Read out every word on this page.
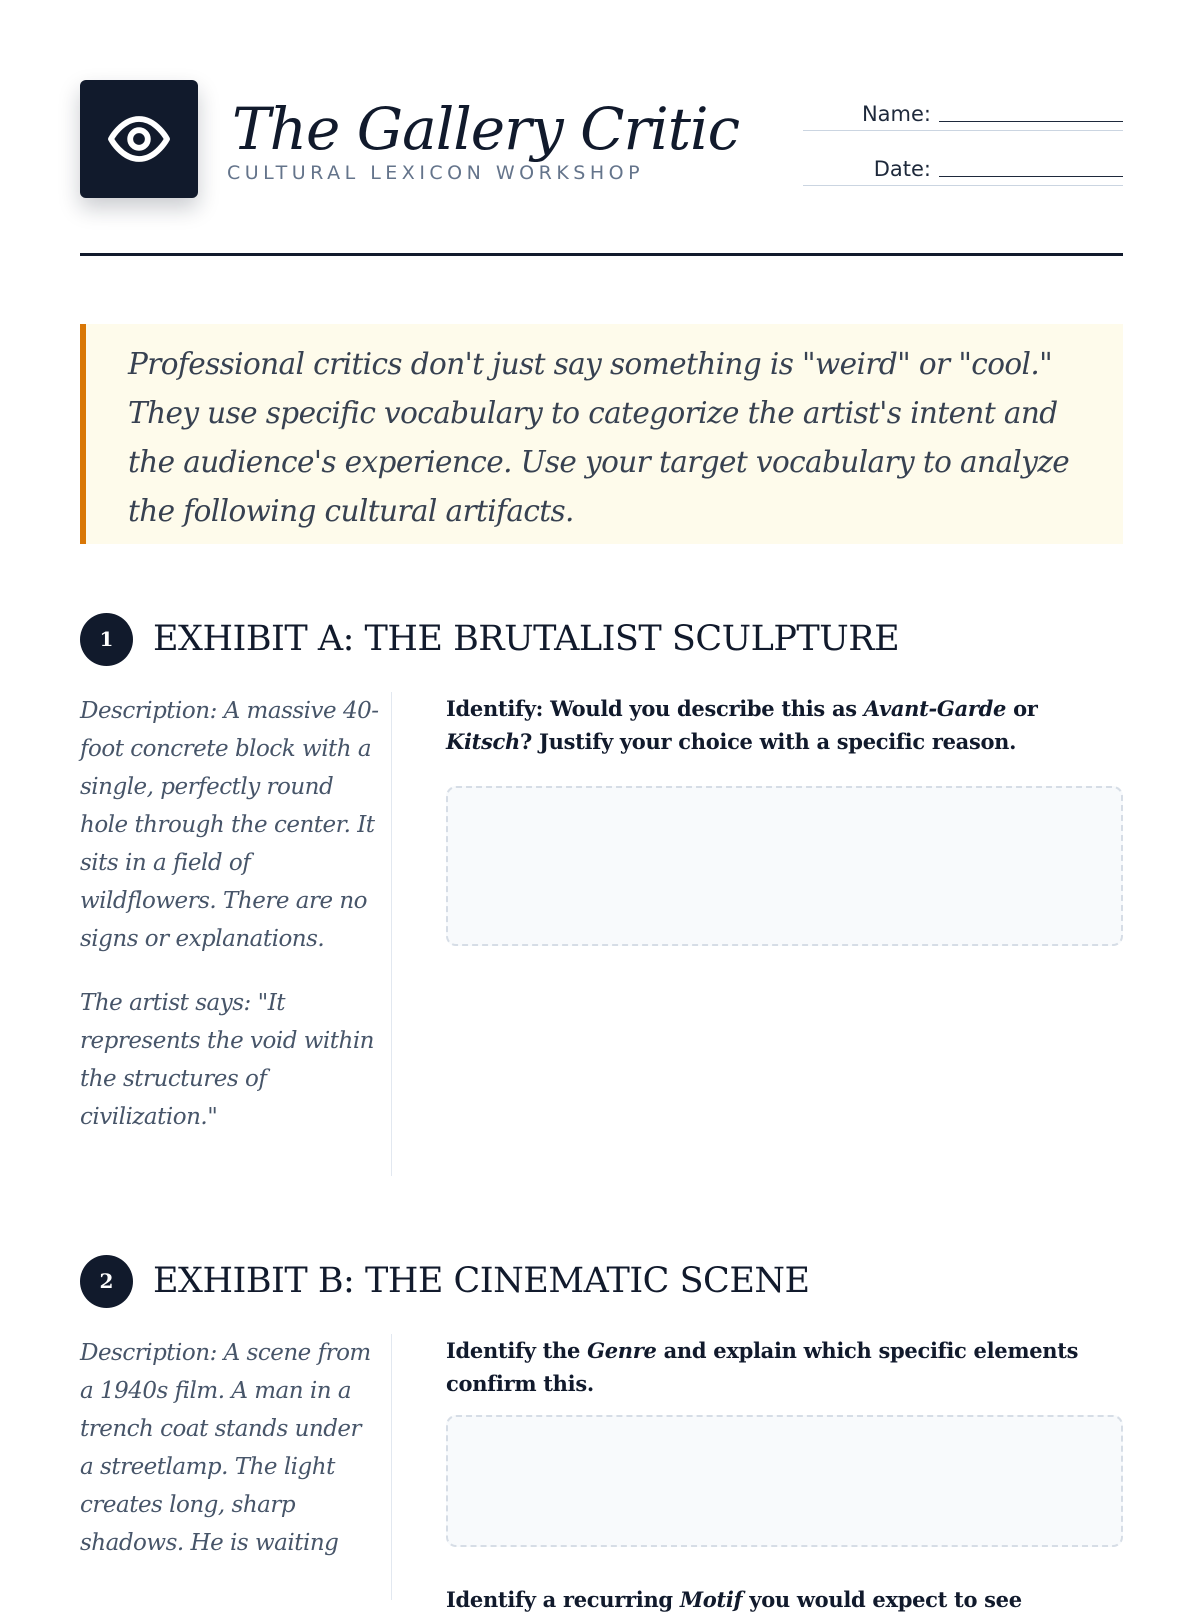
The Gallery Critic
CULTURAL LEXICON WORKSHOP
Name:
Date:

Professional critics don't just say something is "weird" or "cool." They use specific vocabulary to categorize the artist's intent and the audience's experience. Use your target vocabulary to analyze the following cultural artifacts.

1	EXHIBIT A: THE BRUTALIST SCULPTURE

Description: A massive 40-foot concrete block with a single, perfectly round hole through the center. It sits in a field of wildflowers. There are no signs or explanations.

The artist says: "It represents the void within the structures of civilization."

Identify: Would you describe this as Avant-Garde or Kitsch? Justify your choice with a specific reason.
2	EXHIBIT B: THE CINEMATIC SCENE

Description: A scene from a 1940s film. A man in a trench coat stands under a streetlamp. The light creates long, sharp shadows. He is waiting

Identify the Genre and explain which specific elements confirm this.
Identify a recurring Motif you would expect to see
